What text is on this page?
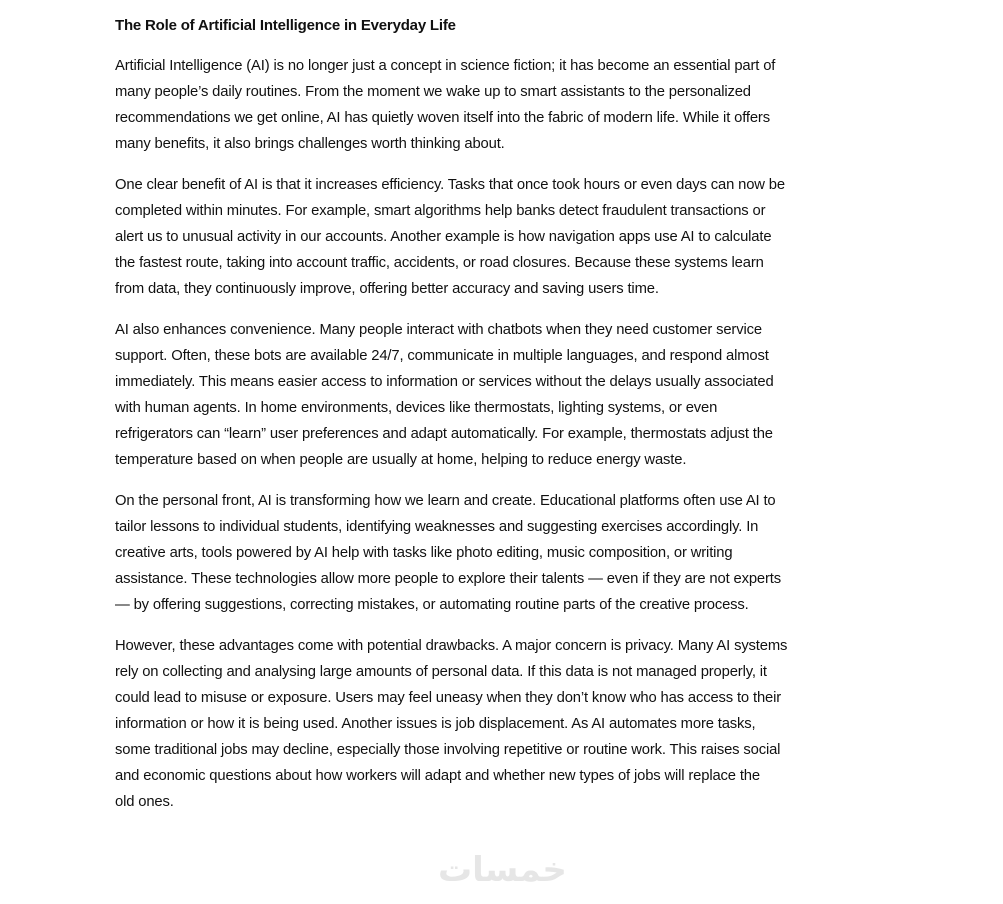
The Role of Artificial Intelligence in Everyday Life
Artificial Intelligence (AI) is no longer just a concept in science fiction; it has become an essential part of
many people’s daily routines. From the moment we wake up to smart assistants to the personalized
recommendations we get online, AI has quietly woven itself into the fabric of modern life. While it offers
many benefits, it also brings challenges worth thinking about.
One clear benefit of AI is that it increases efficiency. Tasks that once took hours or even days can now be
completed within minutes. For example, smart algorithms help banks detect fraudulent transactions or
alert us to unusual activity in our accounts. Another example is how navigation apps use AI to calculate
the fastest route, taking into account traffic, accidents, or road closures. Because these systems learn
from data, they continuously improve, offering better accuracy and saving users time.
AI also enhances convenience. Many people interact with chatbots when they need customer service
support. Often, these bots are available 24/7, communicate in multiple languages, and respond almost
immediately. This means easier access to information or services without the delays usually associated
with human agents. In home environments, devices like thermostats, lighting systems, or even
refrigerators can “learn” user preferences and adapt automatically. For example, thermostats adjust the
temperature based on when people are usually at home, helping to reduce energy waste.
On the personal front, AI is transforming how we learn and create. Educational platforms often use AI to
tailor lessons to individual students, identifying weaknesses and suggesting exercises accordingly. In
creative arts, tools powered by AI help with tasks like photo editing, music composition, or writing
assistance. These technologies allow more people to explore their talents — even if they are not experts
— by offering suggestions, correcting mistakes, or automating routine parts of the creative process.
However, these advantages come with potential drawbacks. A major concern is privacy. Many AI systems
rely on collecting and analysing large amounts of personal data. If this data is not managed properly, it
could lead to misuse or exposure. Users may feel uneasy when they don’t know who has access to their
information or how it is being used. Another issues is job displacement. As AI automates more tasks,
some traditional jobs may decline, especially those involving repetitive or routine work. This raises social
and economic questions about how workers will adapt and whether new types of jobs will replace the
old ones.
خمسات
